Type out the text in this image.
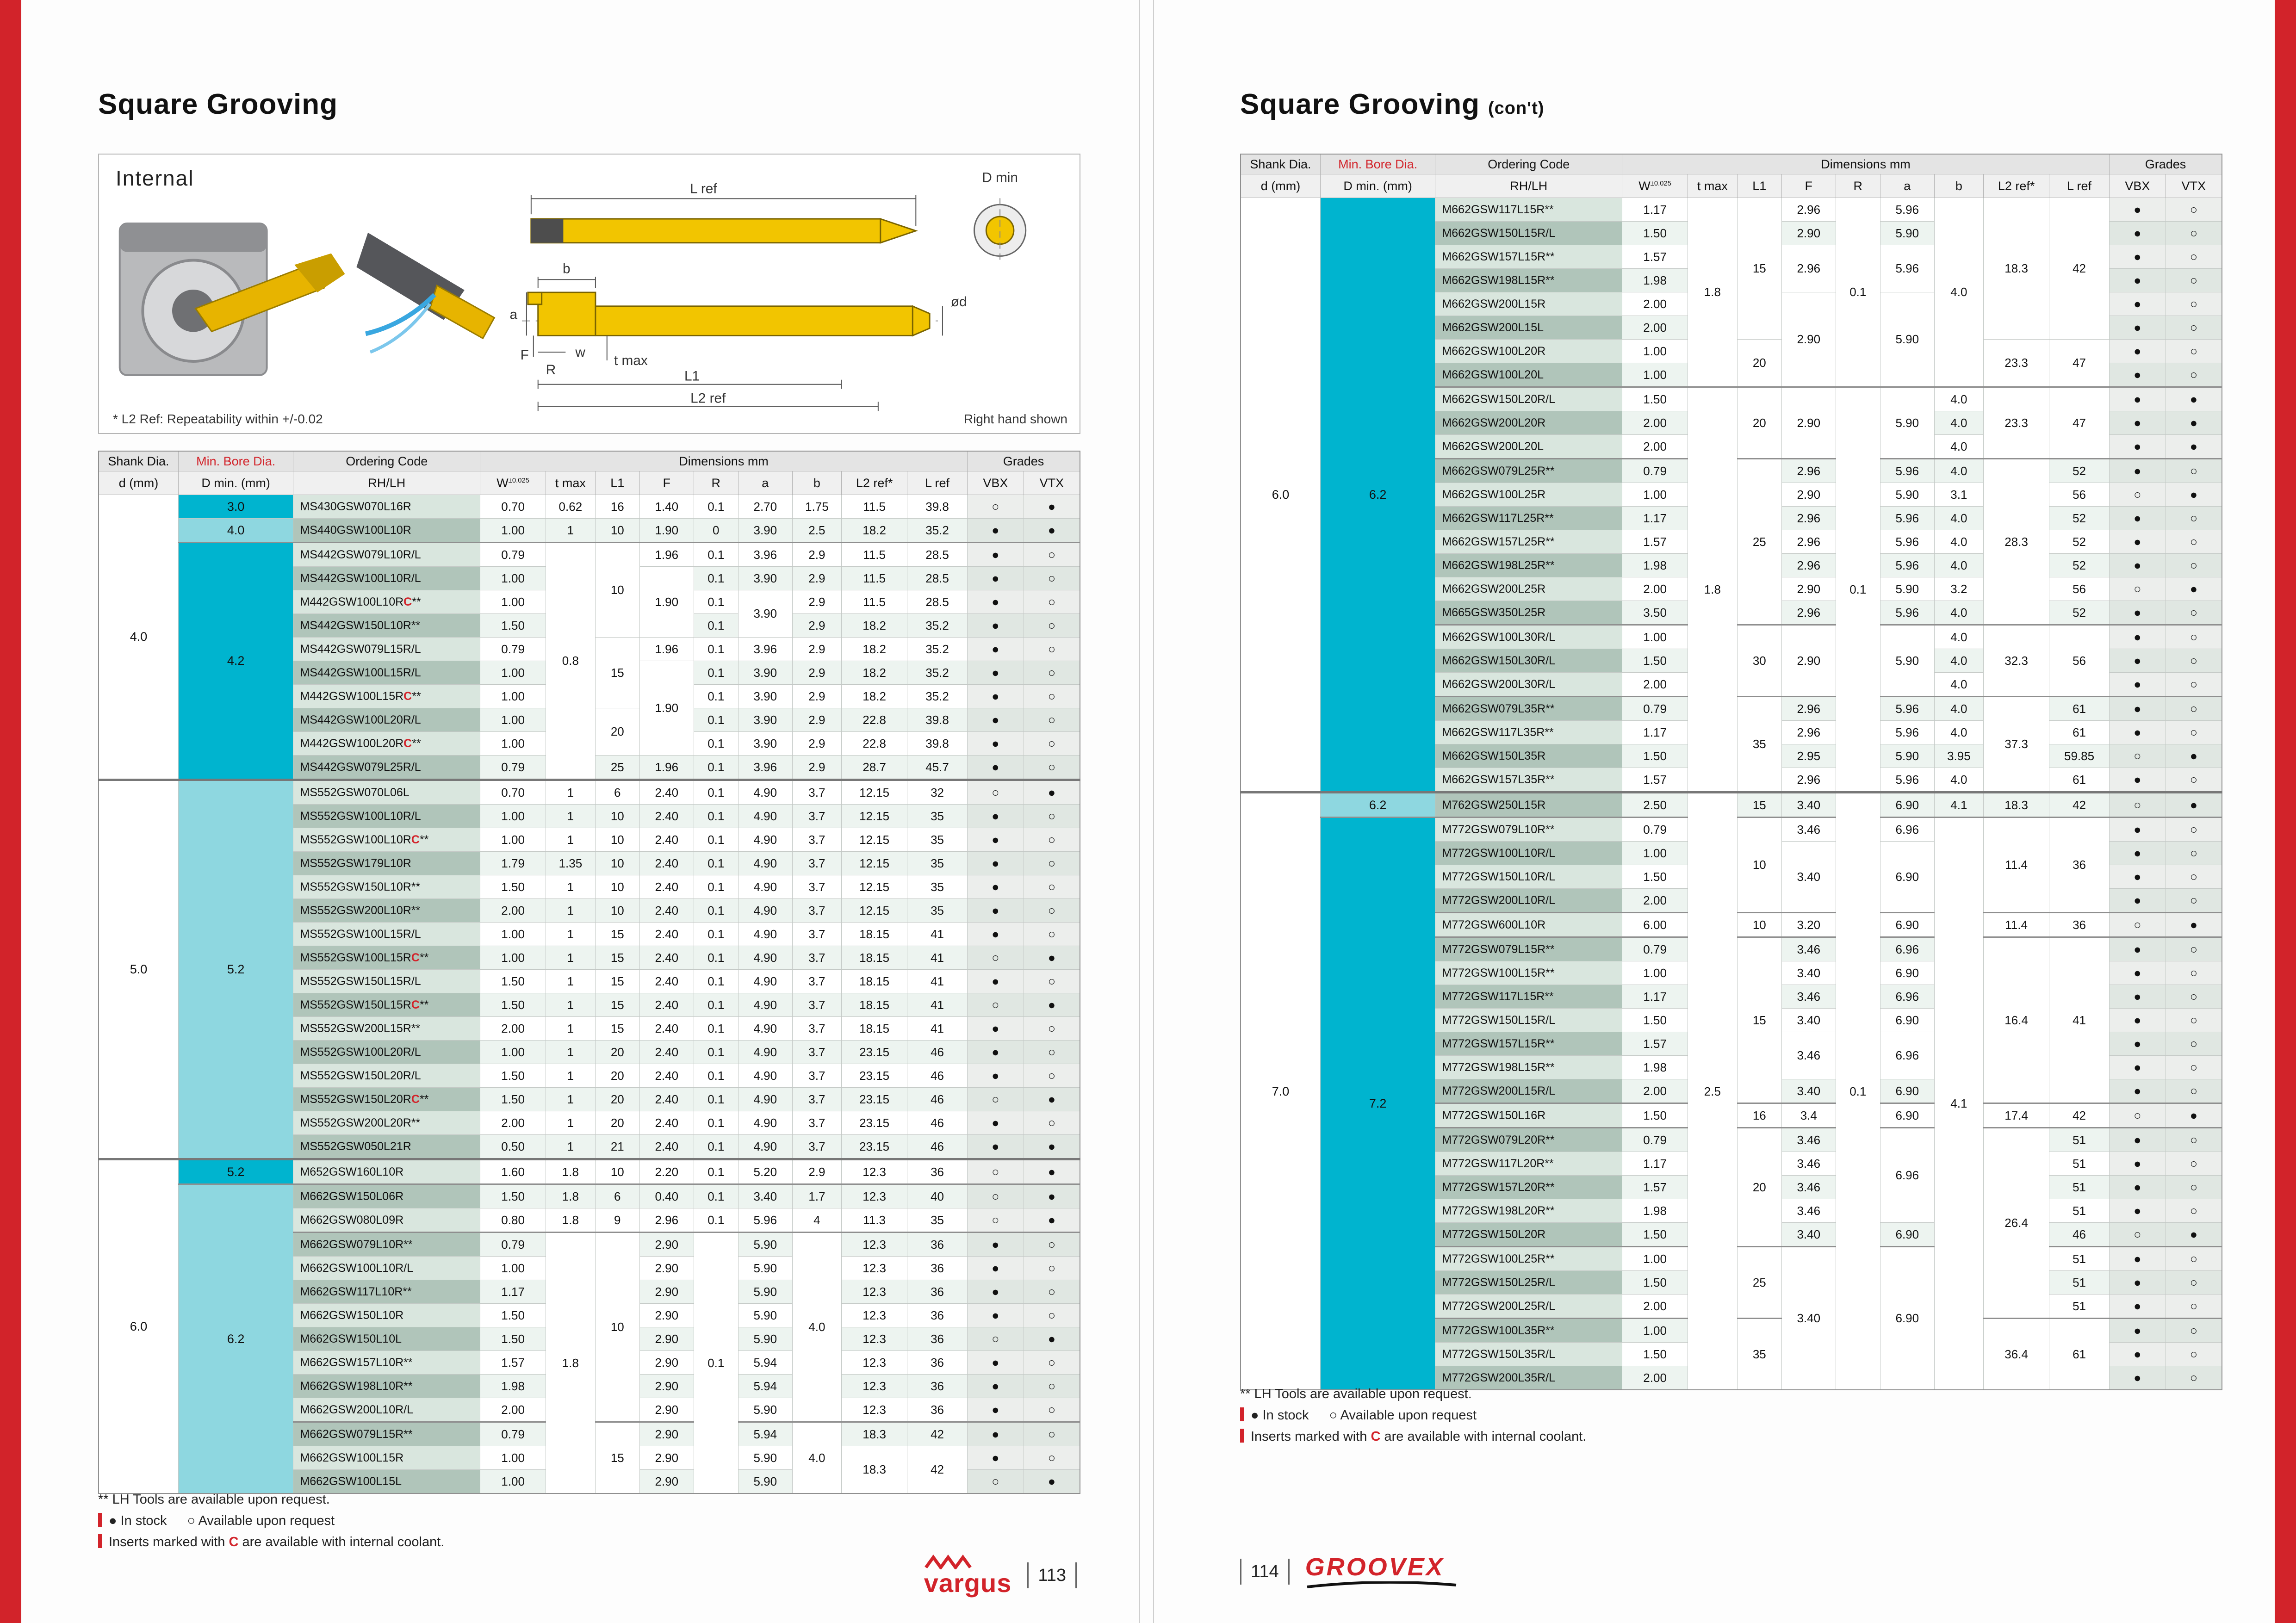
Square Grooving
L ref
D min
b
a
F
R
w
t max
L1
L2 ref
ød
Internal
* L2 Ref: Repeatability within +/-0.02	Right hand shown
Shank Dia.	Min. Bore Dia.	Ordering Code	Dimensions mm									Grades	
d (mm)	D min. (mm)	RH/LH	$W^{\pm 0.025}$	t max	L1	F	R	a	b	L2 ref*	L ref	VBX	VTX
4.0	3.0	MS430GSW070L16R	0.70	0.62	16	1.40	0.1	2.70	1.75	11.5	39.8	○	●
	4.0	MS440GSW100L10R	1.00	1	10	1.90	0	3.90	2.5	18.2	35.2	●	●
	4.2	MS442GSW079L10R/L	0.79	0.8	10	1.96	0.1	3.96	2.9	11.5	28.5	●	○
		MS442GSW100L10R/L	1.00			1.90	0.1	3.90	2.9	11.5	28.5	●	○
		M442GSW100L10RC**	1.00				0.1	3.90	2.9	11.5	28.5	●	○
		MS442GSW150L10R**	1.50				0.1		2.9	18.2	35.2	●	○
		MS442GSW079L15R/L	0.79		15	1.96	0.1	3.96	2.9	18.2	35.2	●	○
		MS442GSW100L15R/L	1.00			1.90	0.1	3.90	2.9	18.2	35.2	●	○
		M442GSW100L15RC**	1.00				0.1	3.90	2.9	18.2	35.2	●	○
		MS442GSW100L20R/L	1.00		20		0.1	3.90	2.9	22.8	39.8	●	○
		M442GSW100L20RC**	1.00				0.1	3.90	2.9	22.8	39.8	●	○
		MS442GSW079L25R/L	0.79		25	1.96	0.1	3.96	2.9	28.7	45.7	●	○
5.0	5.2	MS552GSW070L06L	0.70	1	6	2.40	0.1	4.90	3.7	12.15	32	○	●
		MS552GSW100L10R/L	1.00	1	10	2.40	0.1	4.90	3.7	12.15	35	●	○
		MS552GSW100L10RC**	1.00	1	10	2.40	0.1	4.90	3.7	12.15	35	●	○
		MS552GSW179L10R	1.79	1.35	10	2.40	0.1	4.90	3.7	12.15	35	●	○
		MS552GSW150L10R**	1.50	1	10	2.40	0.1	4.90	3.7	12.15	35	●	○
		MS552GSW200L10R**	2.00	1	10	2.40	0.1	4.90	3.7	12.15	35	●	○
		MS552GSW100L15R/L	1.00	1	15	2.40	0.1	4.90	3.7	18.15	41	●	○
		MS552GSW100L15RC**	1.00	1	15	2.40	0.1	4.90	3.7	18.15	41	○	●
		MS552GSW150L15R/L	1.50	1	15	2.40	0.1	4.90	3.7	18.15	41	●	○
		MS552GSW150L15RC**	1.50	1	15	2.40	0.1	4.90	3.7	18.15	41	○	●
		MS552GSW200L15R**	2.00	1	15	2.40	0.1	4.90	3.7	18.15	41	●	○
		MS552GSW100L20R/L	1.00	1	20	2.40	0.1	4.90	3.7	23.15	46	●	○
		MS552GSW150L20R/L	1.50	1	20	2.40	0.1	4.90	3.7	23.15	46	●	○
		MS552GSW150L20RC**	1.50	1	20	2.40	0.1	4.90	3.7	23.15	46	○	●
		MS552GSW200L20R**	2.00	1	20	2.40	0.1	4.90	3.7	23.15	46	●	○
		MS552GSW050L21R	0.50	1	21	2.40	0.1	4.90	3.7	23.15	46	●	●
6.0	5.2	M652GSW160L10R	1.60	1.8	10	2.20	0.1	5.20	2.9	12.3	36	○	●
	6.2	M662GSW150L06R	1.50	1.8	6	0.40	0.1	3.40	1.7	12.3	40	○	●
		M662GSW080L09R	0.80	1.8	9	2.96	0.1	5.96	4	11.3	35	○	●
		M662GSW079L10R**	0.79	1.8	10	2.90	0.1	5.90	4.0	12.3	36	●	○
		M662GSW100L10R/L	1.00			2.90		5.90		12.3	36	●	○
		M662GSW117L10R**	1.17			2.90		5.90		12.3	36	●	○
		M662GSW150L10R	1.50			2.90		5.90		12.3	36	●	○
		M662GSW150L10L	1.50			2.90		5.90		12.3	36	○	●
		M662GSW157L10R**	1.57			2.90		5.94		12.3	36	●	○
		M662GSW198L10R**	1.98			2.90		5.94		12.3	36	●	○
		M662GSW200L10R/L	2.00			2.90		5.90		12.3	36	●	○
		M662GSW079L15R**	0.79		15	2.90		5.94	4.0	18.3	42	●	○
		M662GSW100L15R	1.00			2.90		5.90		18.3	42	●	○
		M662GSW100L15L	1.00			2.90		5.90				○	●
** LH Tools are available upon request.
● In stock ○ Available upon request
Inserts marked with C are available with internal coolant.
vargus 113
Square Grooving (con't)
Shank Dia.	Min. Bore Dia.	Ordering Code	Dimensions mm									Grades	
d (mm)	D min. (mm)	RH/LH	$W^{\pm 0.025}$	t max	L1	F	R	a	b	L2 ref*	L ref	VBX	VTX
6.0	6.2	M662GSW117L15R**	1.17	1.8	15	2.96	0.1	5.96	4.0	18.3	42	●	○
		M662GSW150L15R/L	1.50			2.90		5.90				●	○
		M662GSW157L15R**	1.57			2.96		5.96				●	○
		M662GSW198L15R**	1.98									●	○
		M662GSW200L15R	2.00			2.90		5.90				●	○
		M662GSW200L15L	2.00									●	○
		M662GSW100L20R	1.00		20					23.3	47	●	○
		M662GSW100L20L	1.00									●	○
		M662GSW150L20R/L	1.50	1.8	20	2.90	0.1	5.90	4.0	23.3	47	●	●
		M662GSW200L20R	2.00						4.0			●	●
		M662GSW200L20L	2.00						4.0			●	●
		M662GSW079L25R**	0.79		25	2.96		5.96	4.0	28.3	52	●	○
		M662GSW100L25R	1.00			2.90		5.90	3.1		56	○	●
		M662GSW117L25R**	1.17			2.96		5.96	4.0		52	●	○
		M662GSW157L25R**	1.57			2.96		5.96	4.0		52	●	○
		M662GSW198L25R**	1.98			2.96		5.96	4.0		52	●	○
		M662GSW200L25R	2.00			2.90		5.90	3.2		56	○	●
		M665GSW350L25R	3.50			2.96		5.96	4.0		52	●	○
		M662GSW100L30R/L	1.00		30	2.90		5.90	4.0	32.3	56	●	○
		M662GSW150L30R/L	1.50						4.0			●	○
		M662GSW200L30R/L	2.00						4.0			●	○
		M662GSW079L35R**	0.79		35	2.96		5.96	4.0	37.3	61	●	○
		M662GSW117L35R**	1.17			2.96		5.96	4.0		61	●	○
		M662GSW150L35R	1.50			2.95		5.90	3.95		59.85	○	●
		M662GSW157L35R**	1.57			2.96		5.96	4.0		61	●	○
7.0	6.2	M762GSW250L15R	2.50	2.5	15	3.40	0.1	6.90	4.1	18.3	42	○	●
	7.2	M772GSW079L10R**	0.79		10	3.46		6.96	4.1	11.4	36	●	○
		M772GSW100L10R/L	1.00			3.40		6.90				●	○
		M772GSW150L10R/L	1.50									●	○
		M772GSW200L10R/L	2.00									●	○
		M772GSW600L10R	6.00		10	3.20		6.90		11.4	36	○	●
		M772GSW079L15R**	0.79		15	3.46		6.96		16.4	41	●	○
		M772GSW100L15R**	1.00			3.40		6.90				●	○
		M772GSW117L15R**	1.17			3.46		6.96				●	○
		M772GSW150L15R/L	1.50			3.40		6.90				●	○
		M772GSW157L15R**	1.57			3.46		6.96				●	○
		M772GSW198L15R**	1.98									●	○
		M772GSW200L15R/L	2.00			3.40		6.90				●	○
		M772GSW150L16R	1.50		16	3.4		6.90		17.4	42	○	●
		M772GSW079L20R**	0.79		20	3.46		6.96		26.4	51	●	○
		M772GSW117L20R**	1.17			3.46					51	●	○
		M772GSW157L20R**	1.57			3.46					51	●	○
		M772GSW198L20R**	1.98			3.46					51	●	○
		M772GSW150L20R	1.50			3.40		6.90			46	○	●
		M772GSW100L25R**	1.00		25	3.40		6.90			51	●	○
		M772GSW150L25R/L	1.50								51	●	○
		M772GSW200L25R/L	2.00								51	●	○
		M772GSW100L35R**	1.00		35					36.4	61	●	○
		M772GSW150L35R/L	1.50									●	○
		M772GSW200L35R/L	2.00									●	○
** LH Tools are available upon request.
● In stock ○ Available upon request
Inserts marked with C are available with internal coolant.
114 GROOVEX
